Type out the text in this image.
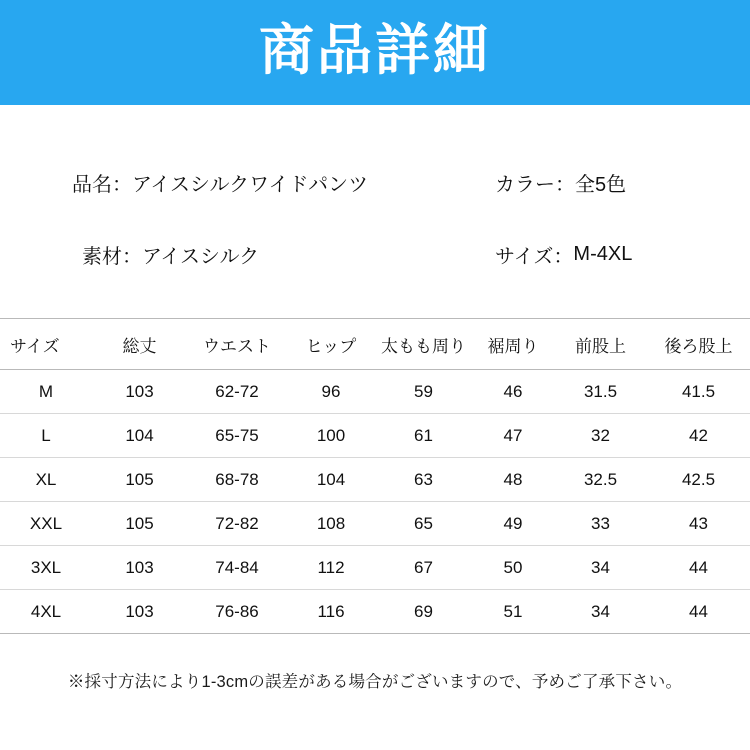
商品詳細
品名： アイスシルクワイドパンツ	カラー： 全5色
素材： アイスシルク	サイズ： M-4XL
サイズ	総丈	ウエスト	ヒップ	太もも周り	裾周り	前股上	後ろ股上
M	103	62-72	96	59	46	31.5	41.5
L	104	65-75	100	61	47	32	42
XL	105	68-78	104	63	48	32.5	42.5
XXL	105	72-82	108	65	49	33	43
3XL	103	74-84	112	67	50	34	44
4XL	103	76-86	116	69	51	34	44
※採寸方法により1-3cmの誤差がある場合がございますので、予めご了承下さい。
